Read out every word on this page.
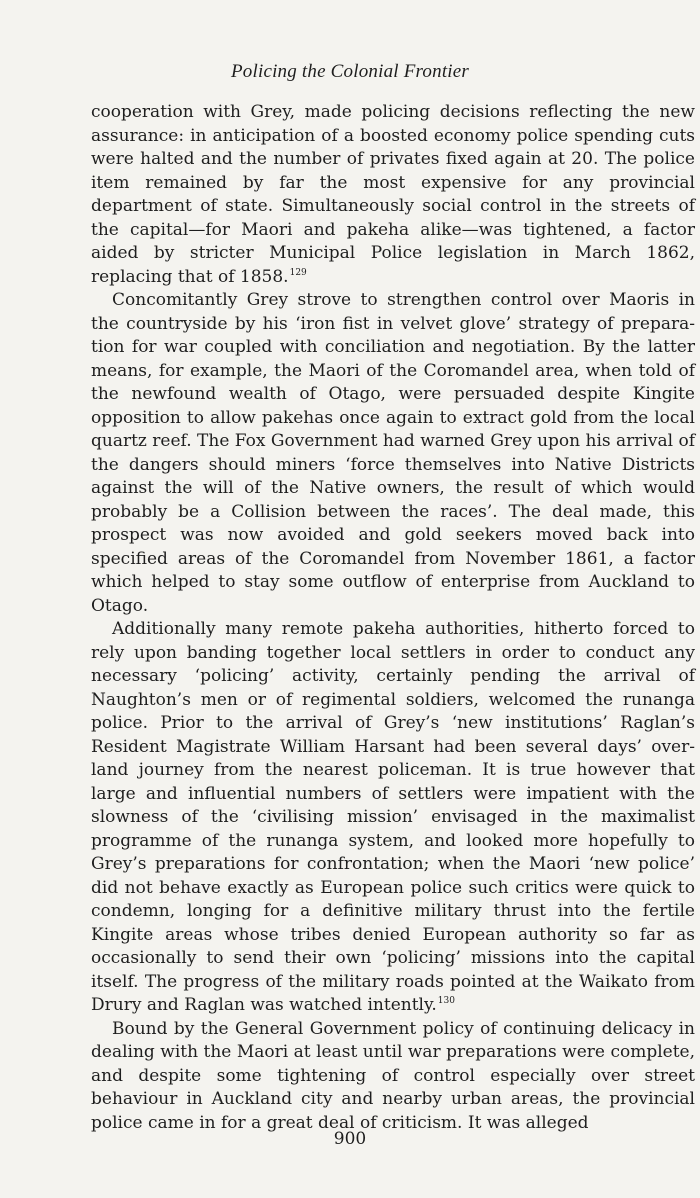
Policing the Colonial Frontier

cooperation with Grey, made policing decisions reflecting the new assurance: in anticipation of a boosted economy police spending cuts were halted and the number of privates fixed again at 20. The police item remained by far the most expensive for any provincial department of state. Simultaneously social control in the streets of the capital—for Maori and pakeha alike—was tightened, a factor aided by stricter Municipal Police legislation in March 1862, replacing that of 1858.$^{129}$

Concomitantly Grey strove to strengthen control over Maoris in the countryside by his ‘iron fist in velvet glove’ strategy of preparation for war coupled with conciliation and negotiation. By the latter means, for example, the Maori of the Coromandel area, when told of the newfound wealth of Otago, were persuaded despite Kingite opposition to allow pakehas once again to extract gold from the local quartz reef. The Fox Government had warned Grey upon his arrival of the dangers should miners ‘force themselves into Native Districts against the will of the Native owners, the result of which would probably be a Collision between the races’. The deal made, this prospect was now avoided and gold seekers moved back into specified areas of the Coromandel from November 1861, a factor which helped to stay some outflow of enterprise from Auckland to Otago.

Additionally many remote pakeha authorities, hitherto forced to rely upon banding together local settlers in order to conduct any necessary ‘policing’ activity, certainly pending the arrival of Naughton’s men or of regimental soldiers, welcomed the runanga police. Prior to the arrival of Grey’s ‘new institutions’ Raglan’s Resident Magistrate William Harsant had been several days’ overland journey from the nearest policeman. It is true however that large and influential numbers of settlers were impatient with the slowness of the ‘civilising mission’ envisaged in the maximalist programme of the runanga system, and looked more hopefully to Grey’s preparations for confrontation; when the Maori ‘new police’ did not behave exactly as European police such critics were quick to condemn, longing for a definitive military thrust into the fertile Kingite areas whose tribes denied European authority so far as occasionally to send their own ‘policing’ missions into the capital itself. The progress of the military roads pointed at the Waikato from Drury and Raglan was watched intently.$^{130}$

Bound by the General Government policy of continuing delicacy in dealing with the Maori at least until war preparations were complete, and despite some tightening of control especially over street behaviour in Auckland city and nearby urban areas, the provincial police came in for a great deal of criticism. It was alleged

900
